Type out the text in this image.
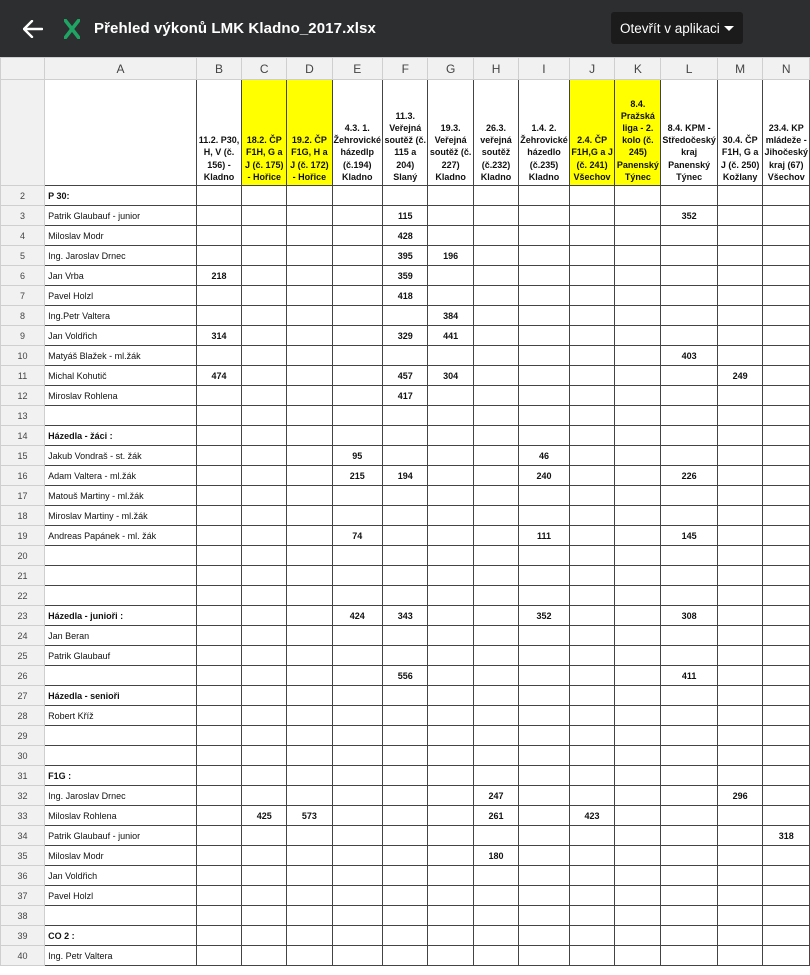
Přehled výkonů LMK Kladno_2017.xlsx	Otevřít v aplikaci
	A	B	C	D	E	F	G	H	I	J	K	L	M	N
		11.2. P30, H, V (č. 156) - Kladno	18.2. ČP F1H, G a J (č. 175) - Hořice	19.2. ČP F1G, H a J (č. 172) - Hořice	4.3. 1. Žehrovické házedlp (č.194) Kladno	11.3. Veřejná soutěž (č. 115 a 204) Slaný	19.3. Veřejná soutěž (č. 227) Kladno	26.3. veřejná soutěž (č.232) Kladno	1.4. 2. Žehrovické házedlo (č.235) Kladno	2.4. ČP F1H,G a J (č. 241) Všechov	8.4. Pražská liga - 2. kolo (č. 245) Panenský Týnec	8.4. KPM - Středočeský kraj Panenský Týnec	30.4. ČP F1H, G a J (č. 250) Kožlany	23.4. KP mládeže - Jihočeský kraj (67) Všechov
2	P 30:													
3	Patrik Glaubauf - junior					115						352		
4	Miloslav Modr					428								
5	Ing. Jaroslav Drnec					395	196							
6	Jan Vrba	218				359								
7	Pavel Holzl					418								
8	Ing.Petr Valtera						384							
9	Jan Voldřich	314				329	441							
10	Matyáš Blažek - ml.žák											403		
11	Michal Kohutič	474				457	304						249	
12	Miroslav Rohlena					417								
13														
14	Házedla - žáci :													
15	Jakub Vondraš - st. žák				95				46					
16	Adam Valtera - ml.žák				215	194			240			226		
17	Matouš Martiny - ml.žák													
18	Miroslav Martiny - ml.žák													
19	Andreas Papánek - ml. žák				74				111			145		
20														
21														
22														
23	Házedla - junioři :				424	343			352			308		
24	Jan Beran													
25	Patrik Glaubauf													
26						556						411		
27	Házedla - senioři													
28	Robert Kříž													
29														
30														
31	F1G :													
32	Ing. Jaroslav Drnec							247					296	
33	Miloslav Rohlena		425	573				261		423				
34	Patrik Glaubauf - junior													318
35	Miloslav Modr							180						
36	Jan Voldřich													
37	Pavel Holzl													
38														
39	CO 2 :													
40	Ing. Petr Valtera													
